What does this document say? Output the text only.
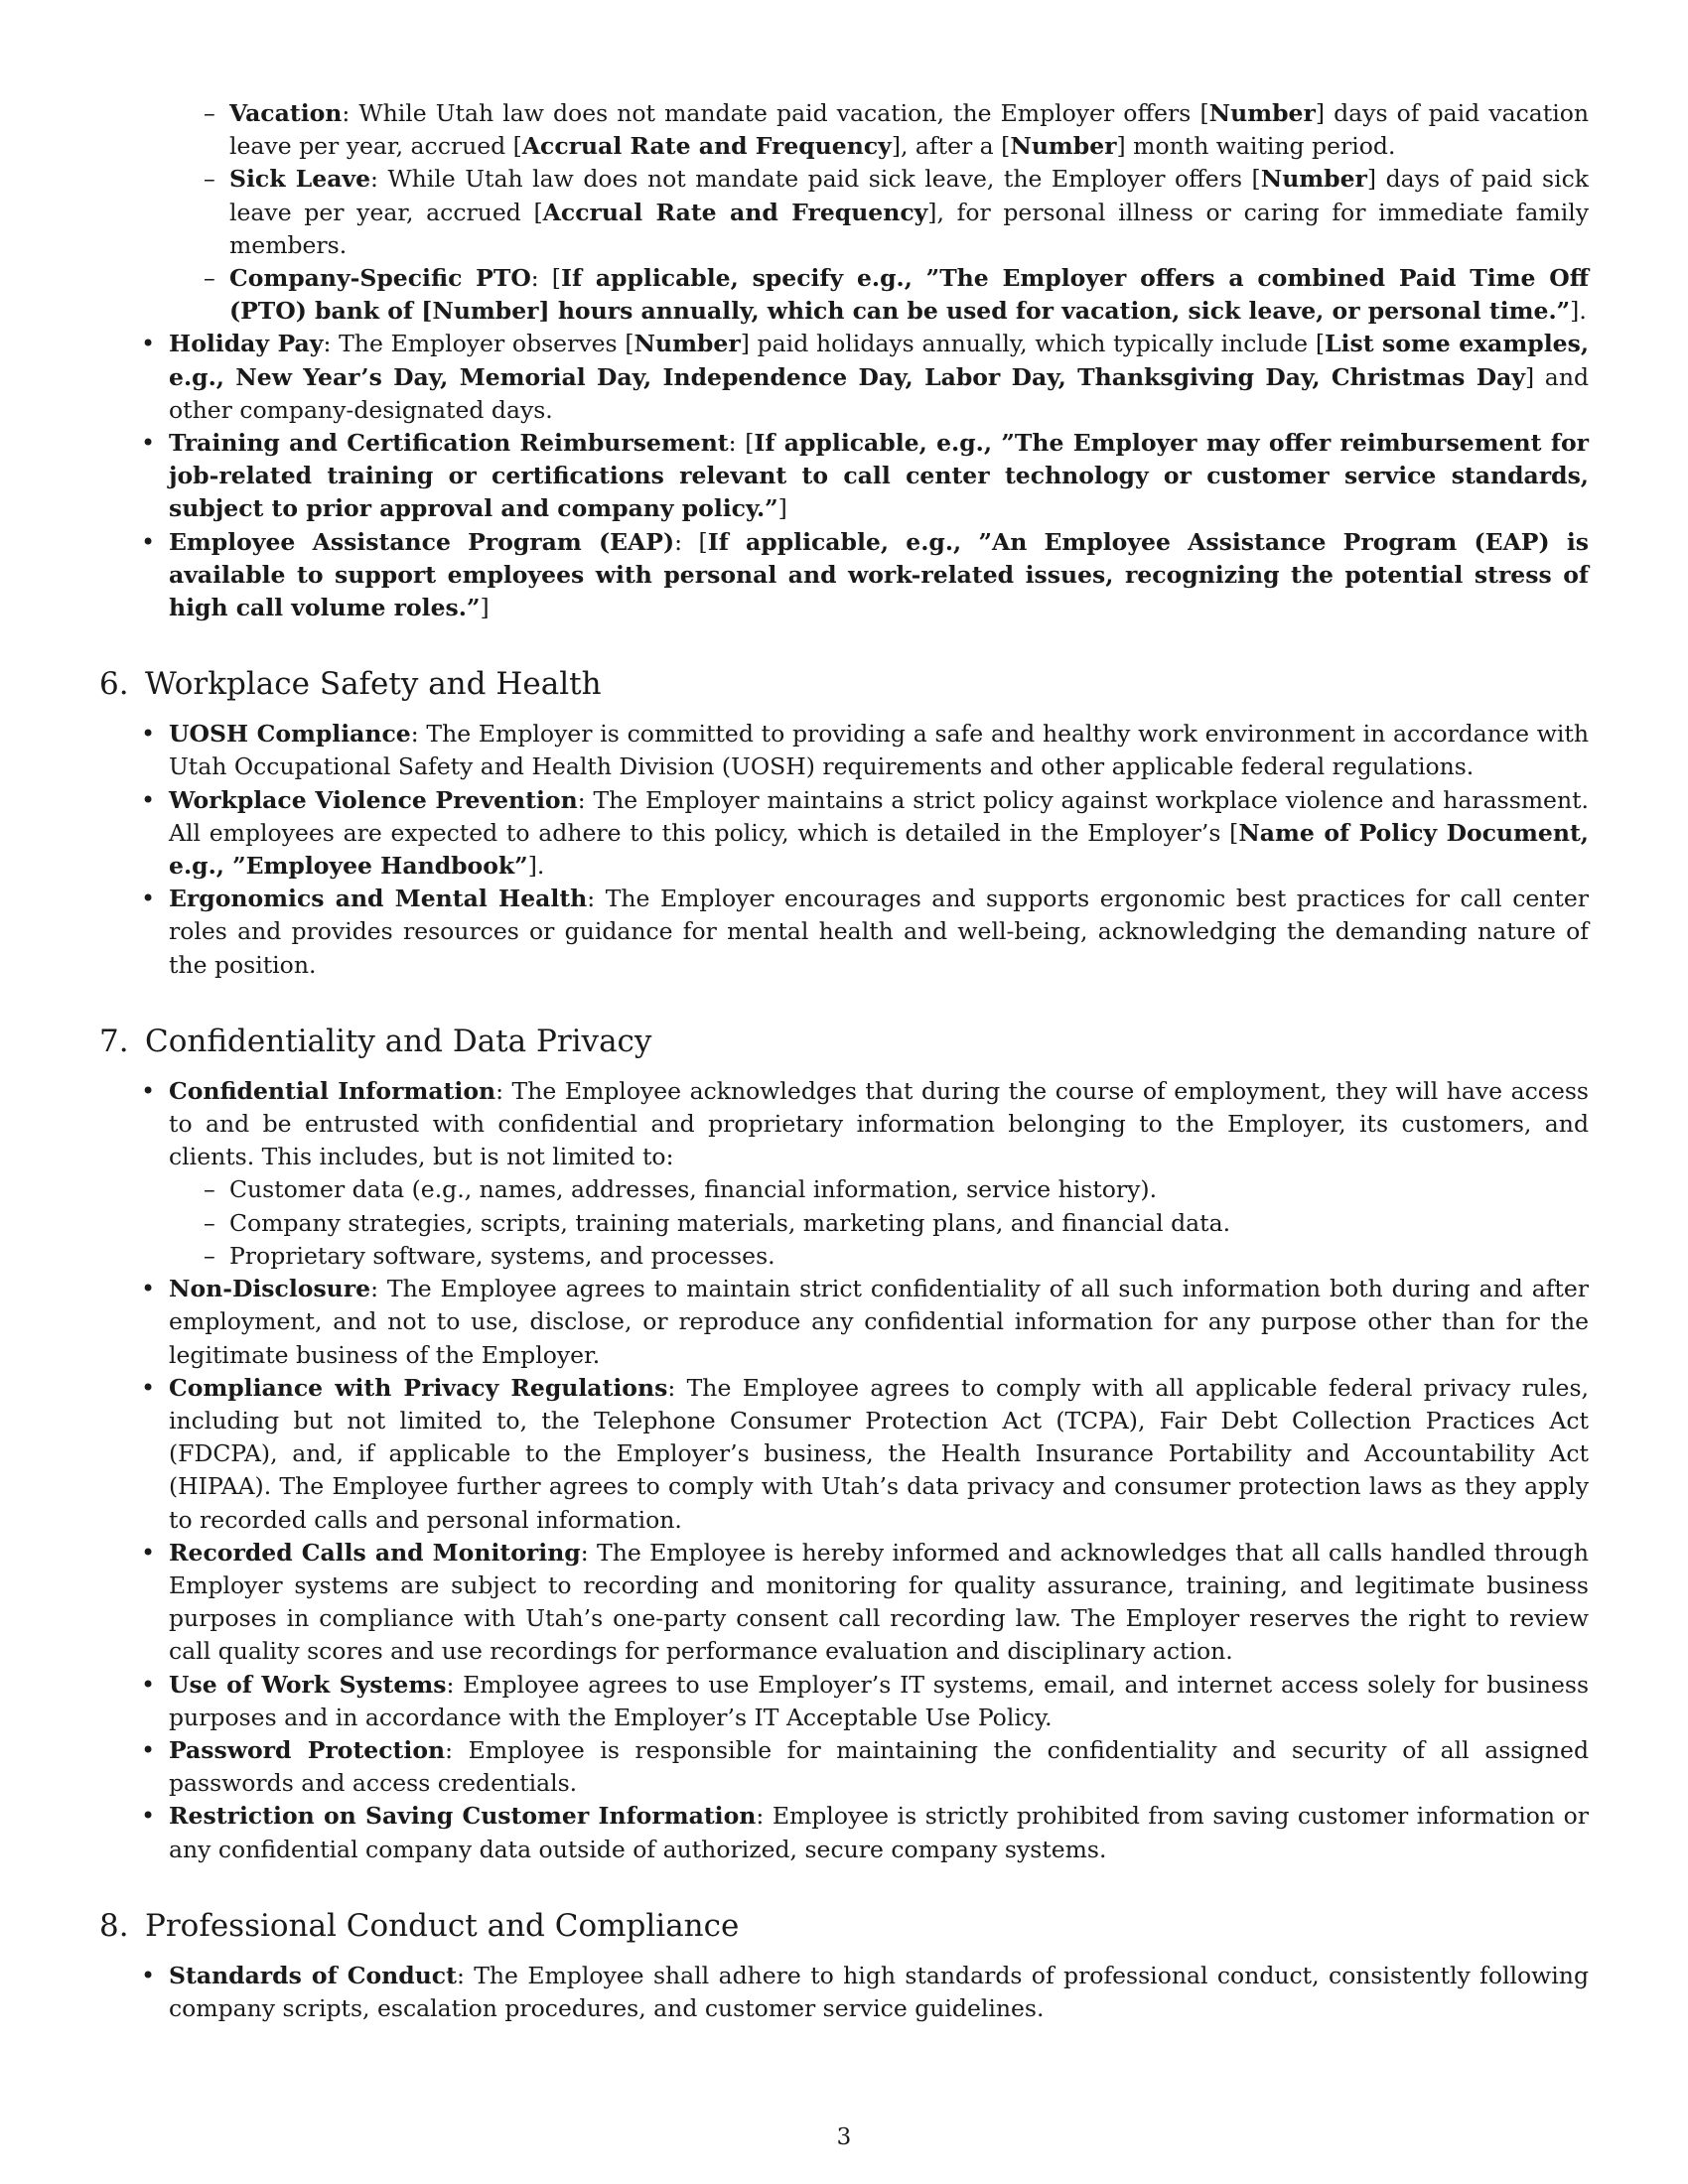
– Vacation: While Utah law does not mandate paid vacation, the Employer offers [Number] days of paid vacation leave per year, accrued [Accrual Rate and Frequency], after a [Number] month waiting period.
– Sick Leave: While Utah law does not mandate paid sick leave, the Employer offers [Number] days of paid sick leave per year, accrued [Accrual Rate and Frequency], for personal illness or caring for immediate family members.
– Company-Specific PTO: [If applicable, specify e.g., ”The Employer offers a combined Paid Time Off (PTO) bank of [Number] hours annually, which can be used for vacation, sick leave, or personal time.”].
• Holiday Pay: The Employer observes [Number] paid holidays annually, which typically include [List some examples, e.g., New Year’s Day, Memorial Day, Independence Day, Labor Day, Thanksgiving Day, Christmas Day] and other company-designated days.
• Training and Certification Reimbursement: [If applicable, e.g., ”The Employer may offer reimbursement for job-related training or certifications relevant to call center technology or customer service standards, subject to prior approval and company policy.”]
• Employee Assistance Program (EAP): [If applicable, e.g., ”An Employee Assistance Program (EAP) is available to support employees with personal and work-related issues, recognizing the potential stress of high call volume roles.”]
6. Workplace Safety and Health
• UOSH Compliance: The Employer is committed to providing a safe and healthy work environment in accordance with Utah Occupational Safety and Health Division (UOSH) requirements and other applicable federal regulations.
• Workplace Violence Prevention: The Employer maintains a strict policy against workplace violence and harassment. All employees are expected to adhere to this policy, which is detailed in the Employer’s [Name of Policy Document, e.g., ”Employee Handbook”].
• Ergonomics and Mental Health: The Employer encourages and supports ergonomic best practices for call center roles and provides resources or guidance for mental health and well-being, acknowledging the demanding nature of the position.
7. Confidentiality and Data Privacy
• Confidential Information: The Employee acknowledges that during the course of employment, they will have access to and be entrusted with confidential and proprietary information belonging to the Employer, its customers, and clients. This includes, but is not limited to:
– Customer data (e.g., names, addresses, financial information, service history).
– Company strategies, scripts, training materials, marketing plans, and financial data.
– Proprietary software, systems, and processes.
• Non-Disclosure: The Employee agrees to maintain strict confidentiality of all such information both during and after employment, and not to use, disclose, or reproduce any confidential information for any purpose other than for the legitimate business of the Employer.
• Compliance with Privacy Regulations: The Employee agrees to comply with all applicable federal privacy rules, including but not limited to, the Telephone Consumer Protection Act (TCPA), Fair Debt Collection Practices Act (FDCPA), and, if applicable to the Employer’s business, the Health Insurance Portability and Accountability Act (HIPAA). The Employee further agrees to comply with Utah’s data privacy and consumer protection laws as they apply to recorded calls and personal information.
• Recorded Calls and Monitoring: The Employee is hereby informed and acknowledges that all calls handled through Employer systems are subject to recording and monitoring for quality assurance, training, and legitimate business purposes in compliance with Utah’s one-party consent call recording law. The Employer reserves the right to review call quality scores and use recordings for performance evaluation and disciplinary action.
• Use of Work Systems: Employee agrees to use Employer’s IT systems, email, and internet access solely for business purposes and in accordance with the Employer’s IT Acceptable Use Policy.
• Password Protection: Employee is responsible for maintaining the confidentiality and security of all assigned passwords and access credentials.
• Restriction on Saving Customer Information: Employee is strictly prohibited from saving customer information or any confidential company data outside of authorized, secure company systems.
8. Professional Conduct and Compliance
• Standards of Conduct: The Employee shall adhere to high standards of professional conduct, consistently following company scripts, escalation procedures, and customer service guidelines.
3
